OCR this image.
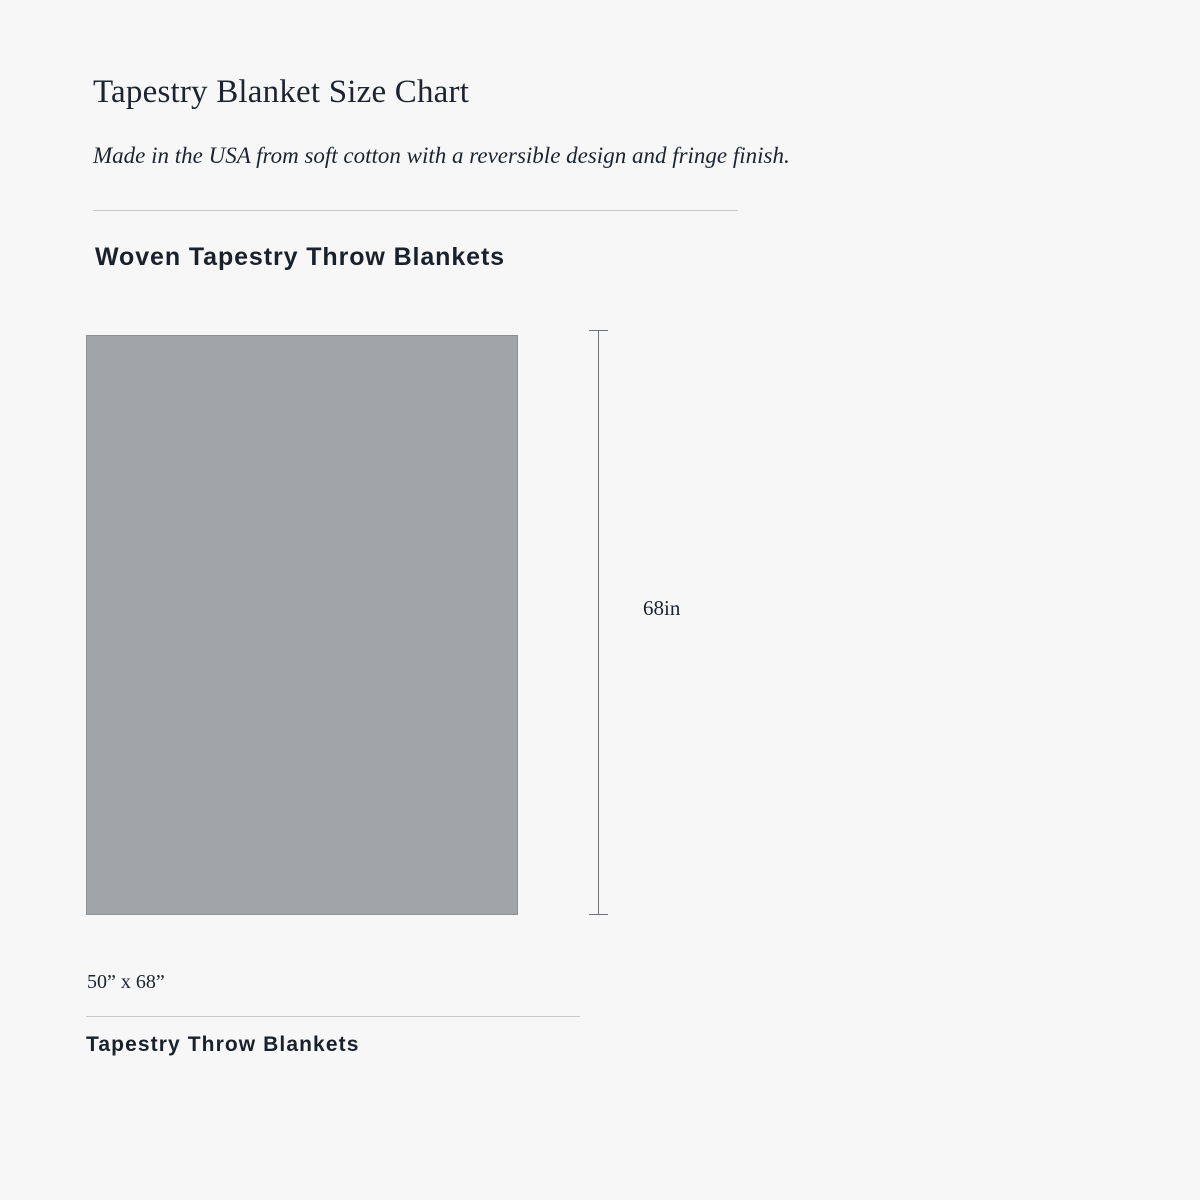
Tapestry Blanket Size Chart
Made in the USA from soft cotton with a reversible design and fringe finish.
Woven Tapestry Throw Blankets
68in
50” x 68”
Tapestry Throw Blankets
